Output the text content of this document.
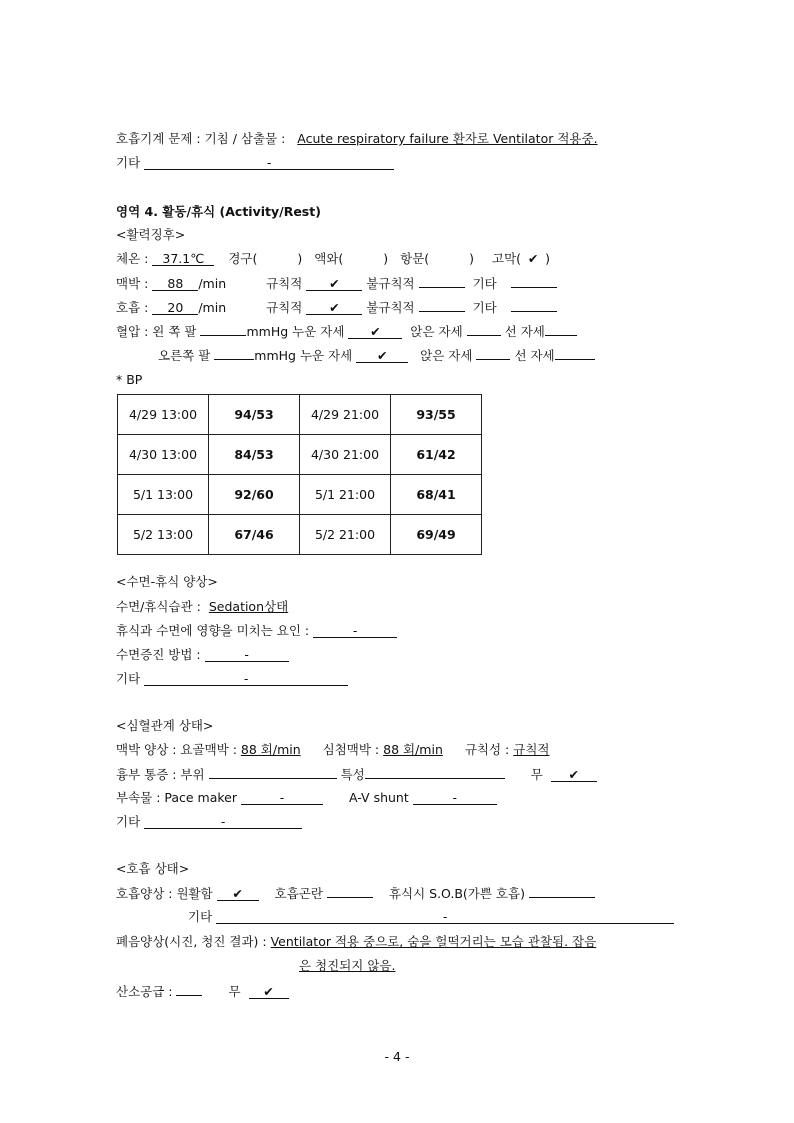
호흡기계 문제 : 기침 / 삼출물 : Acute respiratory failure 환자로 Ventilator 적용중.
기타	-
영역 4. 활동/휴식 (Activity/Rest)
<활력징후>
체온 : 37.1℃ 경구(	) 액와(	) 항문(	) 고막( ✔ )
맥박 : 88 /min	규칙적 ✔ 불규칙적	기타
호흡 : 20 /min	규칙적 ✔ 불규칙적	기타
혈압 : 왼 쪽 팔	mmHg 누운 자세 ✔ 앉은 자세	선 자세
오른쪽 팔	mmHg 누운 자세 ✔	앉은 자세	선 자세
* BP
4/29 13:00	94/53	4/29 21:00	93/55
4/30 13:00	84/53	4/30 21:00	61/42
5/1 13:00	92/60	5/1 21:00	68/41
5/2 13:00	67/46	5/2 21:00	69/49
<수면-휴식 양상>
수면/휴식습관 : Sedation상태
휴식과 수면에 영향을 미치는 요인 :	-
수면증진 방법 :	-
기타	-
<심혈관계 상태>
맥박 양상 : 요골맥박 : 88 회/min 심첨맥박 : 88 회/min 규칙성 : 규칙적
흉부 통증 : 부위	특성	무 ✔
부속물 : Pace maker	-	A-V shunt	-
기타	-
<호흡 상태>
호흡양상 : 원활함 ✔	호흡곤란	휴식시 S.O.B(가쁜 호흡)
기타	-
폐음양상(시진, 청진 결과) : Ventilator 적용 중으로, 숨을 헐떡거리는 모습 관찰됨. 잡음
은 청진되지 않음.
산소공급 :	무 ✔
- 4 -
